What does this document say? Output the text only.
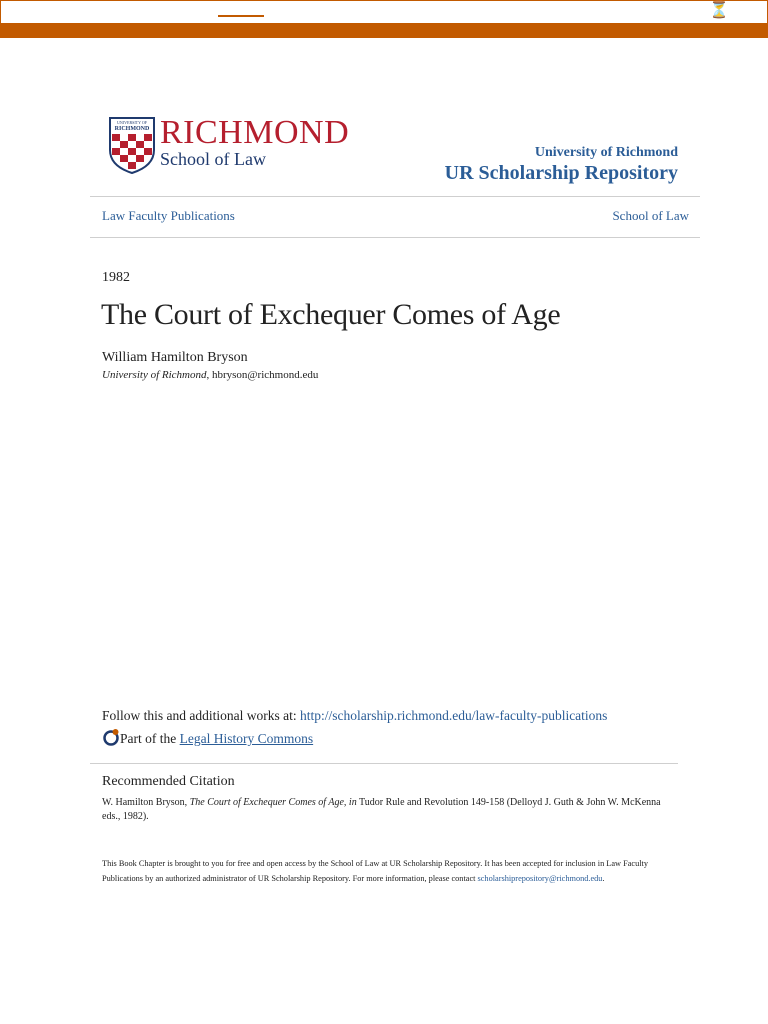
⏳
UNIVERSITY OF
RICHMOND RICHMOND
School of Law	University of Richmond
UR Scholarship Repository
Law Faculty Publications	School of Law
1982
The Court of Exchequer Comes of Age
William Hamilton Bryson
University of Richmond, hbryson@richmond.edu
Follow this and additional works at: http://scholarship.richmond.edu/law-faculty-publications
Part of the Legal History Commons
Recommended Citation
W. Hamilton Bryson, The Court of Exchequer Comes of Age, in Tudor Rule and Revolution 149-158 (Delloyd J. Guth & John W. McKenna eds., 1982).
This Book Chapter is brought to you for free and open access by the School of Law at UR Scholarship Repository. It has been accepted for inclusion in Law Faculty Publications by an authorized administrator of UR Scholarship Repository. For more information, please contact scholarshiprepository@richmond.edu.
